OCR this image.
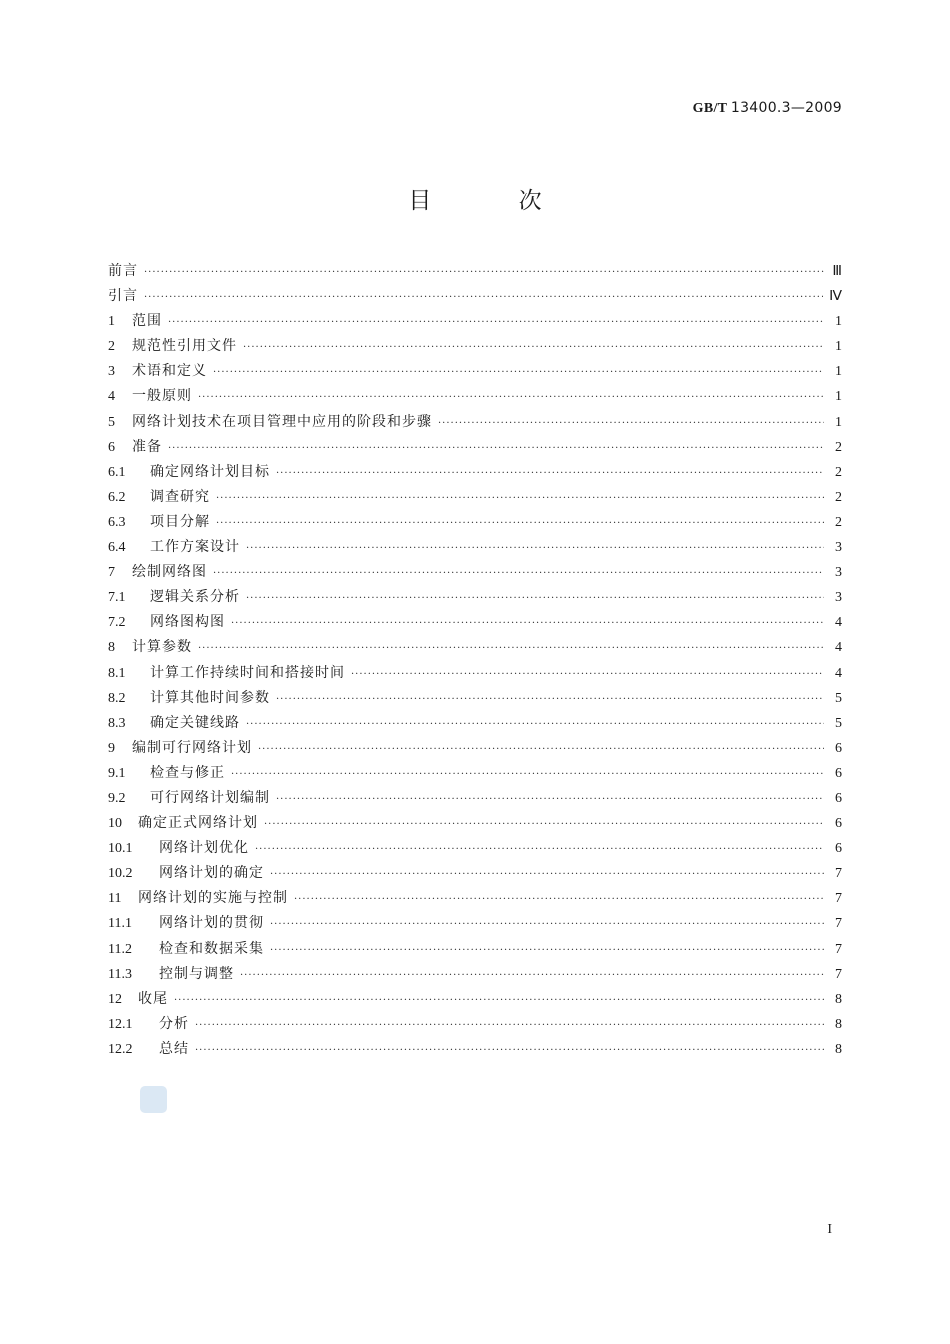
GB/T 13400.3—2009
目 次
前言 ·····	Ⅲ
引言 ·····	Ⅳ
1	范围 ·····	1
2	规范性引用文件 ·····	1
3	术语和定义 ·····	1
4	一般原则 ·····	1
5	网络计划技术在项目管理中应用的阶段和步骤 ·····	1
6	准备 ·····	2
6.1	确定网络计划目标 ·····	2
6.2	调查研究 ·····	2
6.3	项目分解 ·····	2
6.4	工作方案设计 ·····	3
7	绘制网络图 ·····	3
7.1	逻辑关系分析 ·····	3
7.2	网络图构图 ·····	4
8	计算参数 ·····	4
8.1	计算工作持续时间和搭接时间 ·····	4
8.2	计算其他时间参数 ·····	5
8.3	确定关键线路 ·····	5
9	编制可行网络计划 ·····	6
9.1	检查与修正 ·····	6
9.2	可行网络计划编制 ·····	6
10	确定正式网络计划 ·····	6
10.1	网络计划优化 ·····	6
10.2	网络计划的确定 ·····	7
11	网络计划的实施与控制 ·····	7
11.1	网络计划的贯彻 ·····	7
11.2	检查和数据采集 ·····	7
11.3	控制与调整 ·····	7
12	收尾 ·····	8
12.1	分析 ·····	8
12.2	总结 ·····	8
I
